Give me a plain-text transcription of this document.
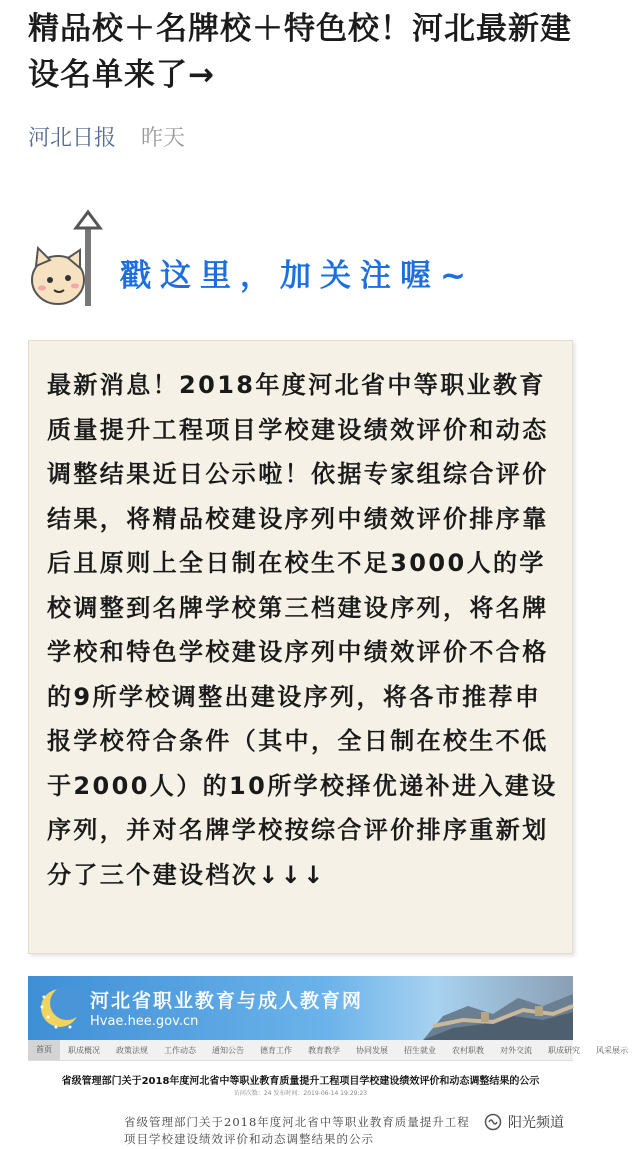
精品校＋名牌校＋特色校！河北最新建设名单来了→
河北日报 昨天
戳这里，加关注喔~
最新消息！2018年度河北省中等职业教育质量提升工程项目学校建设绩效评价和动态调整结果近日公示啦！依据专家组综合评价结果，将精品校建设序列中绩效评价排序靠后且原则上全日制在校生不足3000人的学校调整到名牌学校第三档建设序列，将名牌学校和特色学校建设序列中绩效评价不合格的9所学校调整出建设序列，将各市推荐申报学校符合条件（其中，全日制在校生不低于2000人）的10所学校择优递补进入建设序列，并对名牌学校按综合评价排序重新划分了三个建设档次↓↓↓
河北省职业教育与成人教育网
Hvae.hee.gov.cn
首页	职成概况	政策法规	工作动态	通知公告	德育工作	教育教学	协同发展	招生就业	农村职教	对外交流	职成研究	风采展示
省级管理部门关于2018年度河北省中等职业教育质量提升工程项目学校建设绩效评价和动态调整结果的公示
访问次数：24 发布时间：2019-06-14 19:29:23
省级管理部门关于2018年度河北省中等职业教育质量提升工程项目学校建设绩效评价和动态调整结果的公示
阳光频道
